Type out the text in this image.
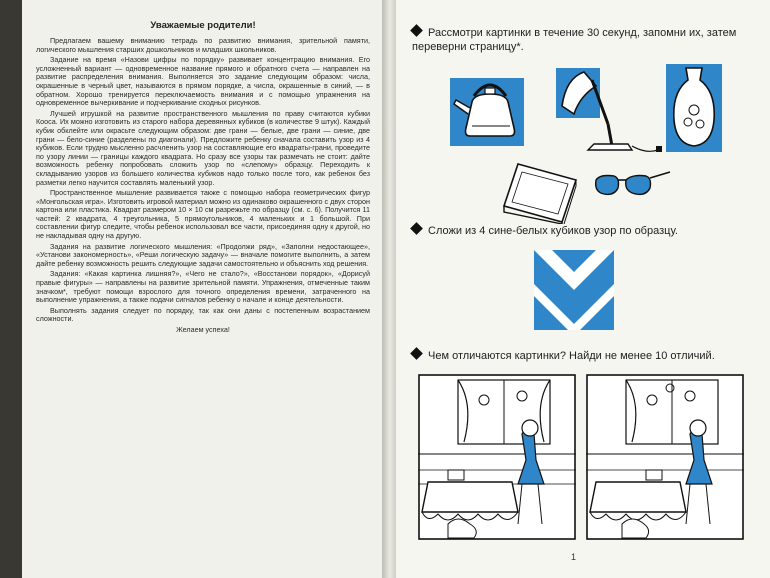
Уважаемые родители!

Предлагаем вашему вниманию тетрадь по развитию внимания, зрительной памяти, логического мышления старших дошкольников и младших школьников.

Задание на время «Назови цифры по порядку» развивает концентрацию внимания. Его усложненный вариант — одновременное название прямого и обратного счета — направлен на развитие распределения внимания. Выполняется это задание следующим образом: числа, окрашенные в черный цвет, называются в прямом порядке, а числа, окрашенные в синий, — в обратном. Хорошо тренируется переключаемость внимания и с помощью упражнения на одновременное вычеркивание и подчеркивание сходных рисунков.

Лучшей игрушкой на развитие пространственного мышления по праву считаются кубики Кооса. Их можно изготовить из старого набора деревянных кубиков (в количестве 9 штук). Каждый кубик обклейте или окрасьте следующим образом: две грани — белые, две грани — синие, две грани — бело-синие (разделены по диагонали). Предложите ребенку сначала составить узор из 4 кубиков. Если трудно мысленно расчленить узор на составляющие его квадраты-грани, проведите по узору линии — границы каждого квадрата. Но сразу все узоры так размечать не стоит: дайте возможность ребенку попробовать сложить узор по «слепому» образцу. Переходить к складыванию узоров из большего количества кубиков надо только после того, как ребенок без разметки легко научится составлять маленький узор.

Пространственное мышление развивается также с помощью набора геометрических фигур «Монгольская игра». Изготовить игровой материал можно из одинаково окрашенного с двух сторон картона или пластика. Квадрат размером 10 × 10 см разрежьте по образцу (см. с. 6). Получится 11 частей: 2 квадрата, 4 треугольника, 5 прямоугольников, 4 маленьких и 1 большой. При составлении фигур следите, чтобы ребенок использовал все части, присоединяя одну к другой, но не накладывая одну на другую.

Задания на развитие логического мышления: «Продолжи ряд», «Заполни недостающее», «Установи закономерность», «Реши логическую задачу» — вначале помогите выполнить, а затем дайте ребенку возможность решить следующие задачи самостоятельно и объяснить ход решения.

Задания: «Какая картинка лишняя?», «Чего не стало?», «Восстанови порядок», «Дорисуй правые фигуры» — направлены на развитие зрительной памяти. Упражнения, отмеченные таким значком*, требуют помощи взрослого для точного определения времени, затраченного на выполнение упражнения, а также подачи сигналов ребенку о начале и конце деятельности.

Выполнять задания следует по порядку, так как они даны с постепенным возрастанием сложности.

Желаем успеха!

Рассмотри картинки в течение 30 секунд, запомни их, затем переверни страницу*.
Сложи из 4 сине-белых кубиков узор по образцу.
Чем отличаются картинки? Найди не менее 10 отличий.
1
